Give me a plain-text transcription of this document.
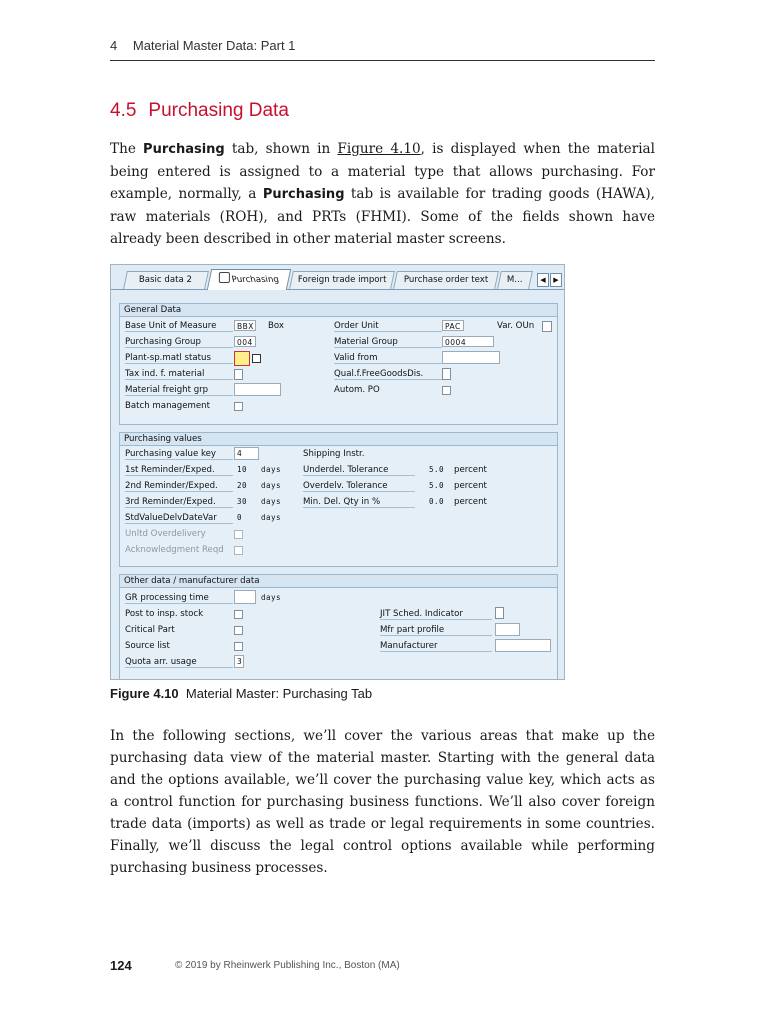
4 Material Master Data: Part 1
4.5 Purchasing Data

The Purchasing tab, shown in Figure 4.10, is displayed when the material being entered is assigned to a material type that allows purchasing. For example, normally, a Purchasing tab is available for trading goods (HAWA), raw materials (ROH), and PRTs (FHMI). Some of the fields shown have already been described in other material master screens.

Basic data 2	Purchasing	Foreign trade import	Purchase order text	M...	◀	▶
General Data
Base Unit of Measure	BBX Box	Order Unit	PAC	Var. OUn
Purchasing Group	004	Material Group	0004
Plant-sp.matl status	Valid from
Tax ind. f. material	Qual.f.FreeGoodsDis.
Material freight grp	Autom. PO
Batch management
Purchasing values
Purchasing value key	4	Shipping Instr.
1st Reminder/Exped.	10 days	Underdel. Tolerance	5.0 percent
2nd Reminder/Exped.	20 days	Overdelv. Tolerance	5.0 percent
3rd Reminder/Exped.	30 days	Min. Del. Qty in %	0.0 percent
StdValueDelvDateVar	0	days
Unltd Overdelivery
Acknowledgment Reqd
Other data / manufacturer data
GR processing time	days
Post to insp. stock	JIT Sched. Indicator
Critical Part	Mfr part profile
Source list	Manufacturer
Quota arr. usage	3
Figure 4.10 Material Master: Purchasing Tab

In the following sections, we’ll cover the various areas that make up the purchasing data view of the material master. Starting with the general data and the options available, we’ll cover the purchasing value key, which acts as a control function for purchasing business functions. We’ll also cover foreign trade data (imports) as well as trade or legal requirements in some countries. Finally, we’ll discuss the legal control options available while performing purchasing business processes.

124	© 2019 by Rheinwerk Publishing Inc., Boston (MA)
